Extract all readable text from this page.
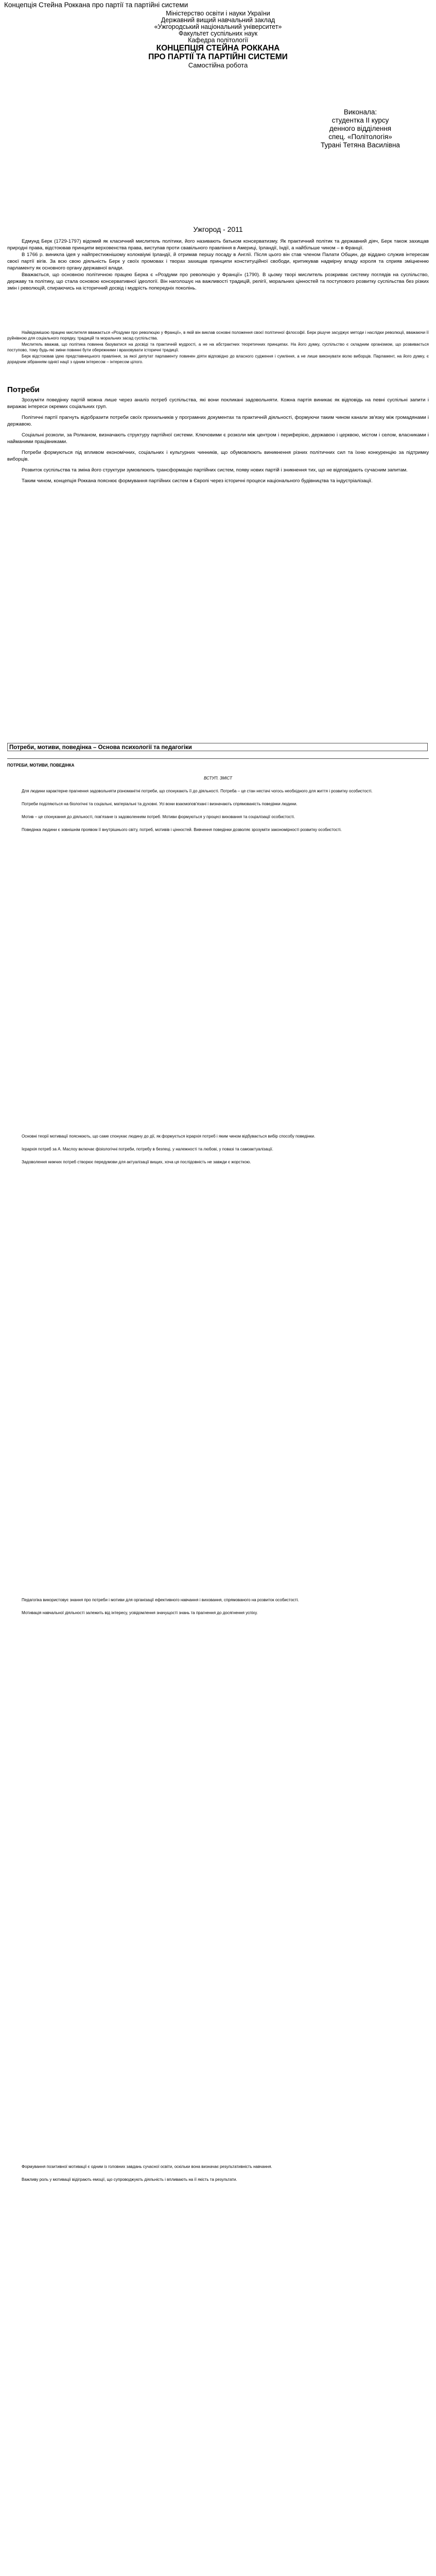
Концепція Стейна Роккана про партії та партійні системи

Міністерство освіти і науки України

Державний вищий навчальний заклад

«Ужгородський національний університет»

Факультет суспільних наук

Кафедра політології

КОНЦЕПЦІЯ СТЕЙНА РОККАНА

ПРО ПАРТІЇ ТА ПАРТІЙНІ СИСТЕМИ

Самостійна робота

Виконала:
студентка ІІ курсу
денного відділення
спец. «Політологія»
Турані Тетяна Василівна
Ужгород - 2011

Едмунд Берк (1729-1797) відомий як класичний мислитель політики, його називають батьком консерватизму. Як практичний політик та державний діяч, Берк також захищав природні права, відстоював принципи верховенства права, виступав проти свавільного правління в Америці, Ірландії, Індії, а найбільше чином – в Франції.

В 1766 р. виникла ідея у найпрестижнішому колоквіумі Ірландії, й отримав першу посаду в Англії. Після цього він став членом Палати Общин, де віддано служив інтересам своєї партії вігів. За всю свою діяльність Берк у своїх промовах і творах захищав принципи конституційної свободи, критикував надмірну владу короля та сприяв зміцненню парламенту як основного органу державної влади.

Вважається, що основною політичною працею Берка є «Роздуми про революцію у Франції» (1790). В цьому творі мислитель розкриває систему поглядів на суспільство, державу та політику, що стала основою консервативної ідеології. Він наголошує на важливості традицій, релігії, моральних цінностей та поступового розвитку суспільства без різких змін і революцій, спираючись на історичний досвід і мудрість попередніх поколінь.

Найвідомішою працею мислителя вважається «Роздуми про революцію у Франції», в якій він виклав основні положення своєї політичної філософії. Берк рішуче засуджує методи і наслідки революції, вважаючи її руйнівною для соціального порядку, традицій та моральних засад суспільства.

Мислитель вважав, що політика повинна базуватися на досвіді та практичній мудрості, а не на абстрактних теоретичних принципах. На його думку, суспільство є складним організмом, що розвивається поступово, тому будь-які зміни повинні бути обережними і враховувати історичні традиції.

Берк відстоював ідею представницького правління, за якої депутат парламенту повинен діяти відповідно до власного судження і сумління, а не лише виконувати волю виборців. Парламент, на його думку, є дорадчим зібранням однієї нації з одним інтересом – інтересом цілого.

Потреби

Зрозуміти поведінку партій можна лише через аналіз потреб суспільства, які вони покликані задовольняти. Кожна партія виникає як відповідь на певні суспільні запити і виражає інтереси окремих соціальних груп.

Політичні партії прагнуть відобразити потреби своїх прихильників у програмних документах та практичній діяльності, формуючи таким чином канали зв'язку між громадянами і державою.

Соціальні розколи, за Ролканом, визначають структуру партійної системи. Ключовими є розколи між центром і периферією, державою і церквою, містом і селом, власниками і найманими працівниками.

Потреби формуються під впливом економічних, соціальних і культурних чинників, що обумовлюють виникнення різних політичних сил та їхню конкуренцію за підтримку виборців.

Розвиток суспільства та зміна його структури зумовлюють трансформацію партійних систем, появу нових партій і зникнення тих, що не відповідають сучасним запитам.

Таким чином, концепція Роккана пояснює формування партійних систем в Європі через історичні процеси національного будівництва та індустріалізації.

Потреби, мотиви, поведінка – Основа психології та педагогіки

ПОТРЕБИ, МОТИВИ, ПОВЕДІНКА

ВСТУП. ЗМІСТ

Для людини характерне прагнення задовольняти різноманітні потреби, що спонукають її до діяльності. Потреба – це стан нестачі чогось необхідного для життя і розвитку особистості.

Потреби поділяються на біологічні та соціальні, матеріальні та духовні. Усі вони взаємопов'язані і визначають спрямованість поведінки людини.

Мотив – це спонукання до діяльності, пов'язане із задоволенням потреб. Мотиви формуються у процесі виховання та соціалізації особистості.

Поведінка людини є зовнішнім проявом її внутрішнього світу, потреб, мотивів і цінностей. Вивчення поведінки дозволяє зрозуміти закономірності розвитку особистості.

Основні теорії мотивації пояснюють, що саме спонукає людину до дії, як формується ієрархія потреб і яким чином відбувається вибір способу поведінки.

Ієрархія потреб за А. Маслоу включає фізіологічні потреби, потребу в безпеці, у належності та любові, у повазі та самоактуалізації.

Задоволення нижчих потреб створює передумови для актуалізації вищих, хоча ця послідовність не завжди є жорсткою.

Педагогіка використовує знання про потреби і мотиви для організації ефективного навчання і виховання, спрямованого на розвиток особистості.

Мотивація навчальної діяльності залежить від інтересу, усвідомлення значущості знань та прагнення до досягнення успіху.

Формування позитивної мотивації є одним із головних завдань сучасної освіти, оскільки вона визначає результативність навчання.

Важливу роль у мотивації відіграють емоції, що супроводжують діяльність і впливають на її якість та результати.
